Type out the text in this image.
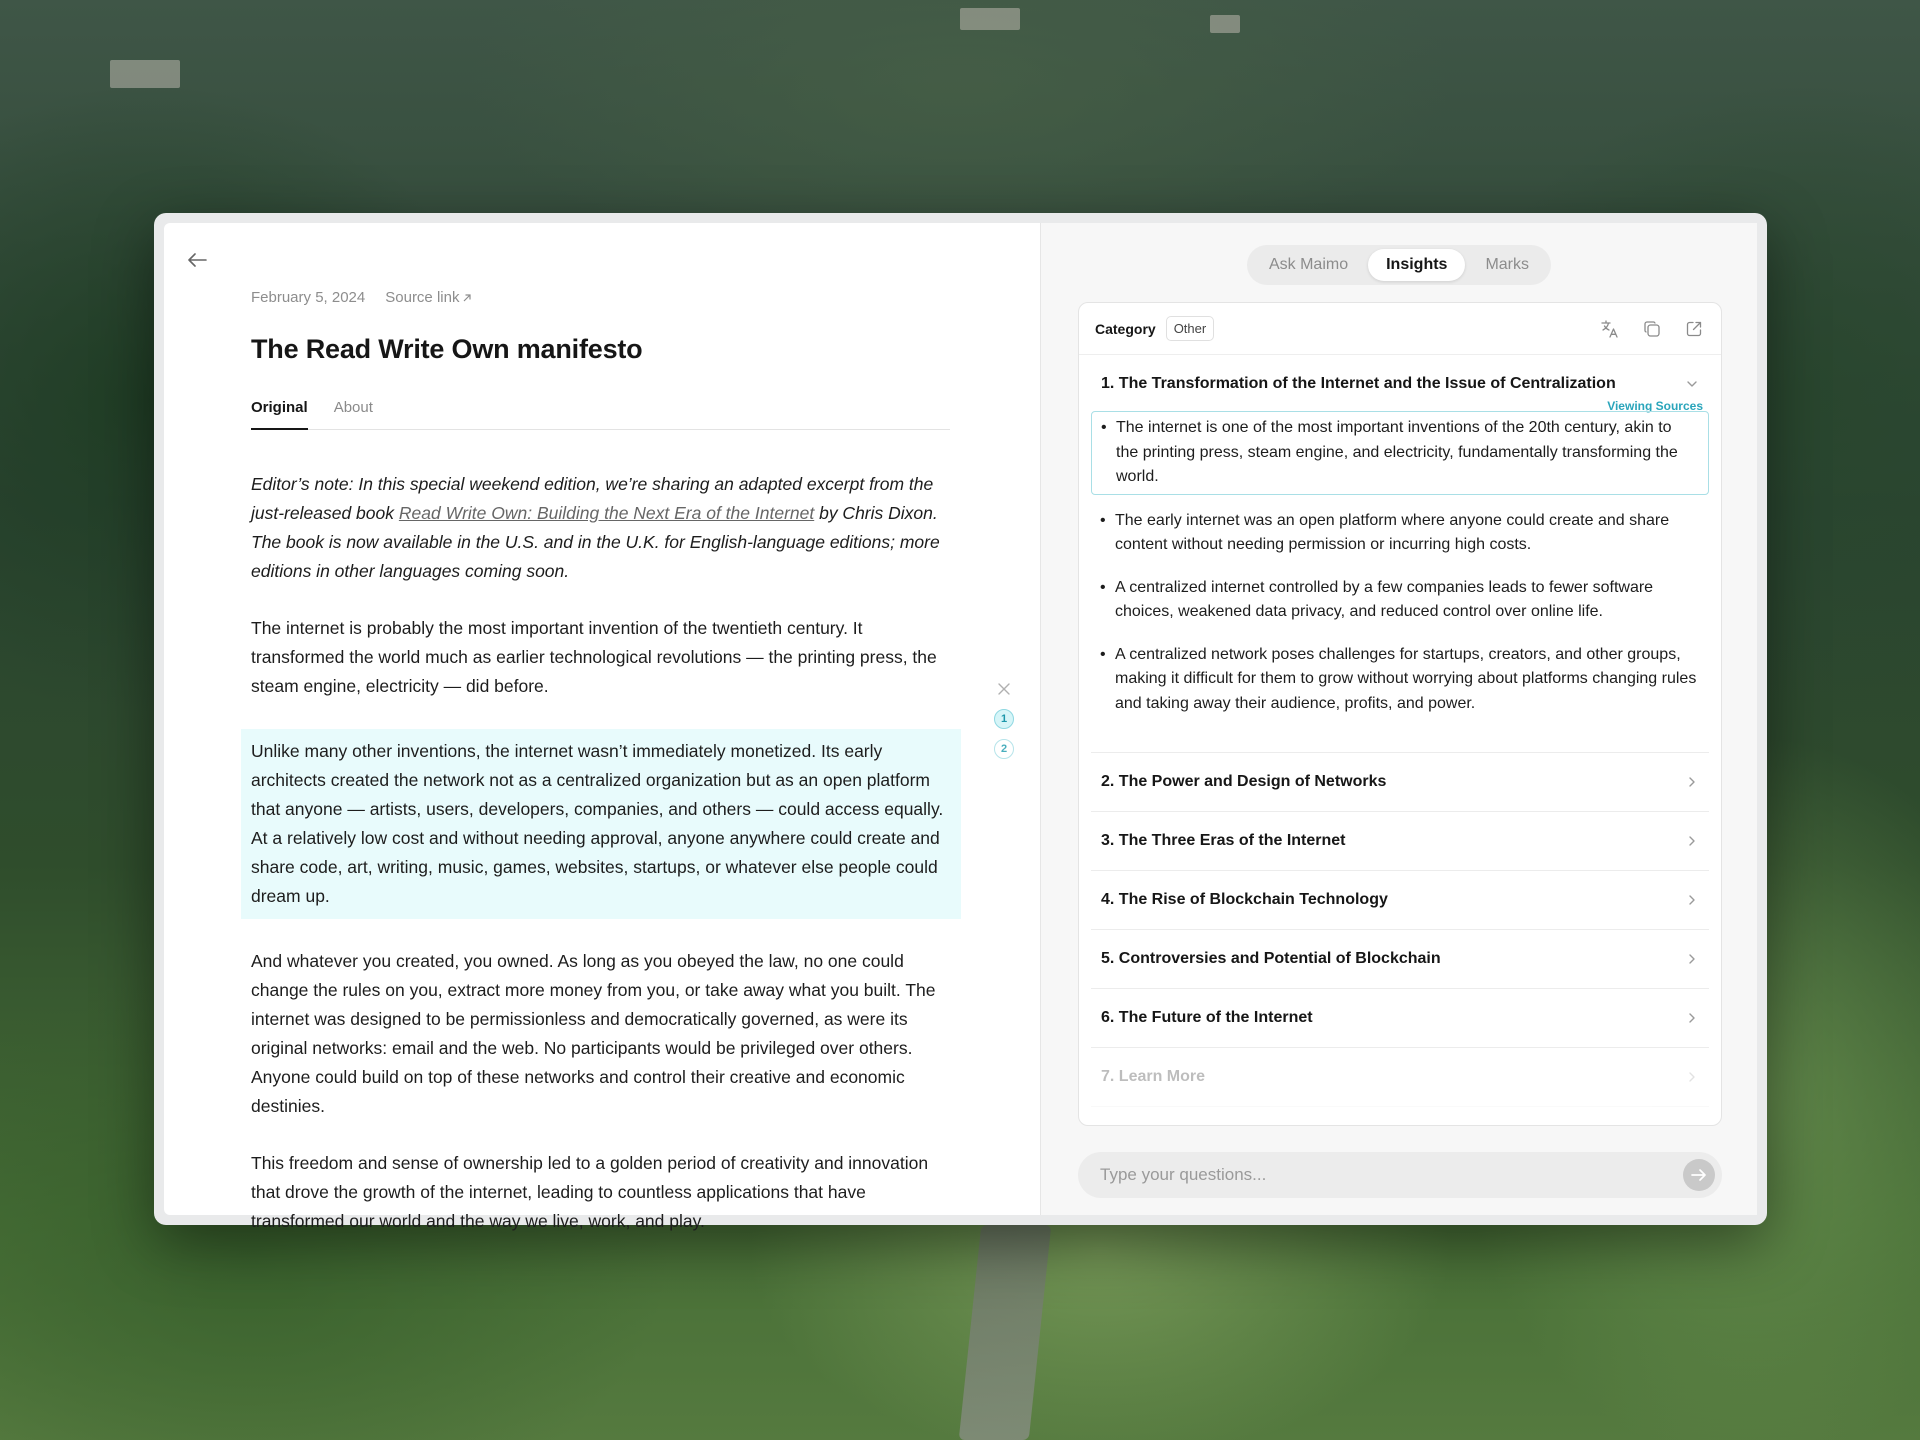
February 5, 2024 Source link
The Read Write Own manifesto
Original About

Editor’s note: In this special weekend edition, we’re sharing an adapted excerpt from the just-released book Read Write Own: Building the Next Era of the Internet by Chris Dixon. The book is now available in the U.S. and in the U.K. for English-language editions; more editions in other languages coming soon.

The internet is probably the most important invention of the twentieth century. It transformed the world much as earlier technological revolutions — the printing press, the steam engine, electricity — did before.

Unlike many other inventions, the internet wasn’t immediately monetized. Its early architects created the network not as a centralized organization but as an open platform that anyone — artists, users, developers, companies, and others — could access equally. At a relatively low cost and without needing approval, anyone anywhere could create and share code, art, writing, music, games, websites, startups, or whatever else people could dream up.

And whatever you created, you owned. As long as you obeyed the law, no one could change the rules on you, extract more money from you, or take away what you built. The internet was designed to be permissionless and democratically governed, as were its original networks: email and the web. No participants would be privileged over others. Anyone could build on top of these networks and control their creative and economic destinies.

This freedom and sense of ownership led to a golden period of creativity and innovation that drove the growth of the internet, leading to countless applications that have transformed our world and the way we live, work, and play.

1
2
Ask Maimo	Insights	Marks
Category	Other
1. The Transformation of the Internet and the Issue of Centralization
Viewing Sources
• The internet is one of the most important inventions of the 20th century, akin to the printing press, steam engine, and electricity, fundamentally transforming the world.
• The early internet was an open platform where anyone could create and share content without needing permission or incurring high costs.
• A centralized internet controlled by a few companies leads to fewer software choices, weakened data privacy, and reduced control over online life.
• A centralized network poses challenges for startups, creators, and other groups, making it difficult for them to grow without worrying about platforms changing rules and taking away their audience, profits, and power.
2. The Power and Design of Networks
3. The Three Eras of the Internet
4. The Rise of Blockchain Technology
5. Controversies and Potential of Blockchain
6. The Future of the Internet
7. Learn More
Type your questions...
